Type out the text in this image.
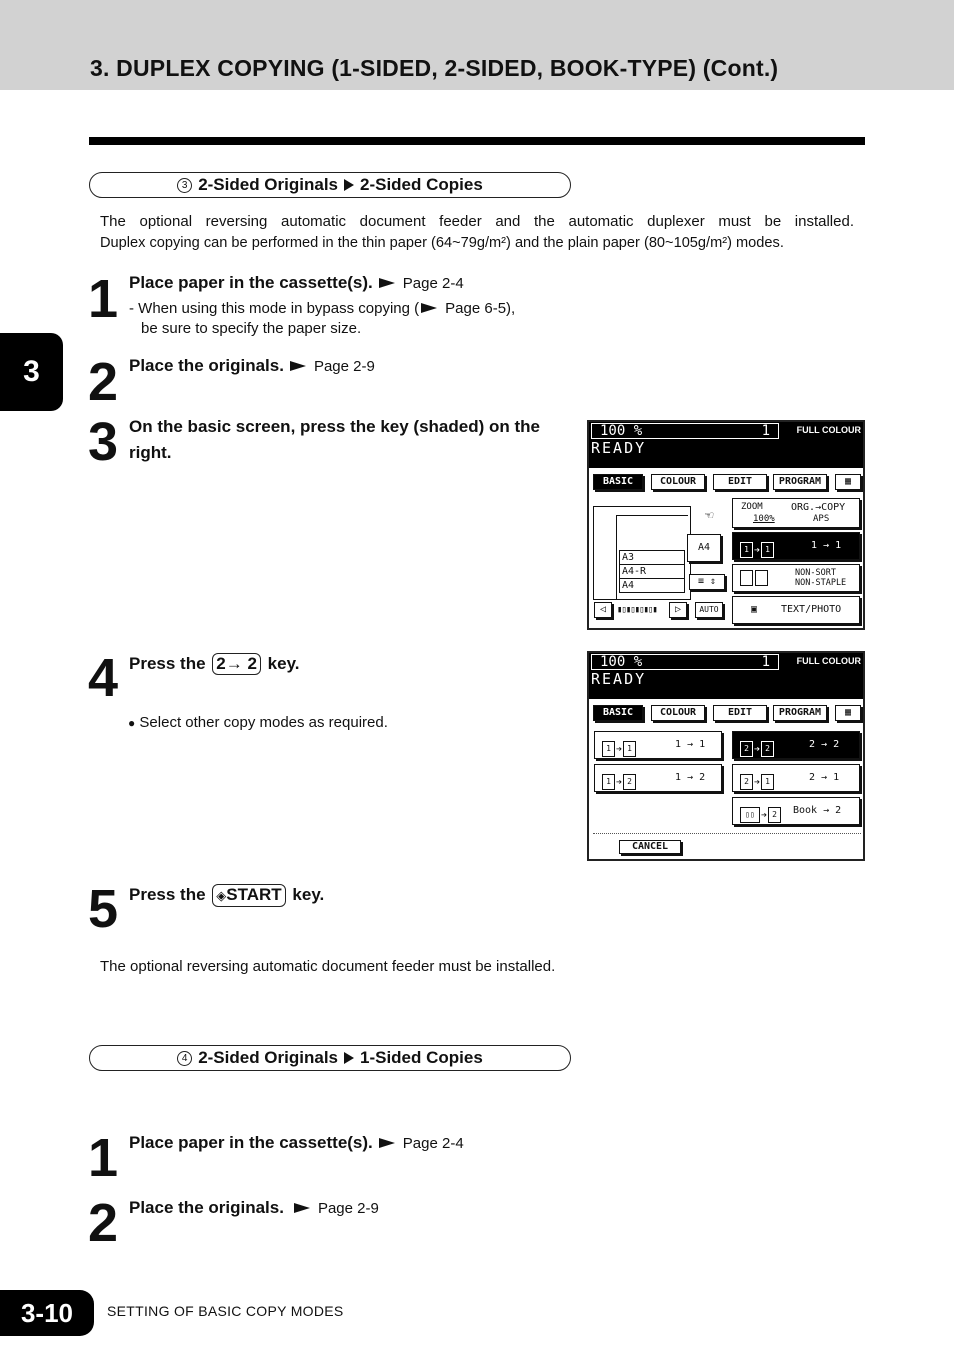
3. DUPLEX COPYING (1-SIDED, 2-SIDED, BOOK-TYPE) (Cont.)
3
3 2-Sided Originals 2-Sided Copies
The optional reversing automatic document feeder and the automatic duplexer must be installed.
Duplex copying can be performed in the thin paper (64~79g/m²) and the plain paper (80~105g/m²) modes.
1 Place paper in the cassette(s). Page 2-4
- When using this mode in bypass copying ( Page 6-5),
be sure to specify the paper size.
2 Place the originals. Page 2-9
3 On the basic screen, press the key (shaded) on the
right.
100 %	1
READY
FULL COLOUR
BASIC	COLOUR	EDIT	PROGRAM	▦
A3
A4-R
A4
A4
☜
≡ ⇕
◁	▮▯▮▯▮▯▮▯▮	▷	AUTO
ZOOM
100%
ORG.→COPY
APS
1 ➔ 1	1 → 1
NON-SORT
NON-STAPLE
▣ TEXT/PHOTO
4 Press the 2→ 2 key.
● Select other copy modes as required.
100 %	1
READY
FULL COLOUR
BASIC	COLOUR	EDIT	PROGRAM	▦
1 ➔ 1	1 → 1	2 ➔ 2	2 → 2
1 ➔ 2	1 → 2	2 ➔ 1	2 → 1
▯▯ ➔ 2	Book → 2
CANCEL
5 Press the ◈START key.
The optional reversing automatic document feeder must be installed.
4 2-Sided Originals 1-Sided Copies
1 Place paper in the cassette(s). Page 2-4
2 Place the originals. Page 2-9
3-10	SETTING OF BASIC COPY MODES
